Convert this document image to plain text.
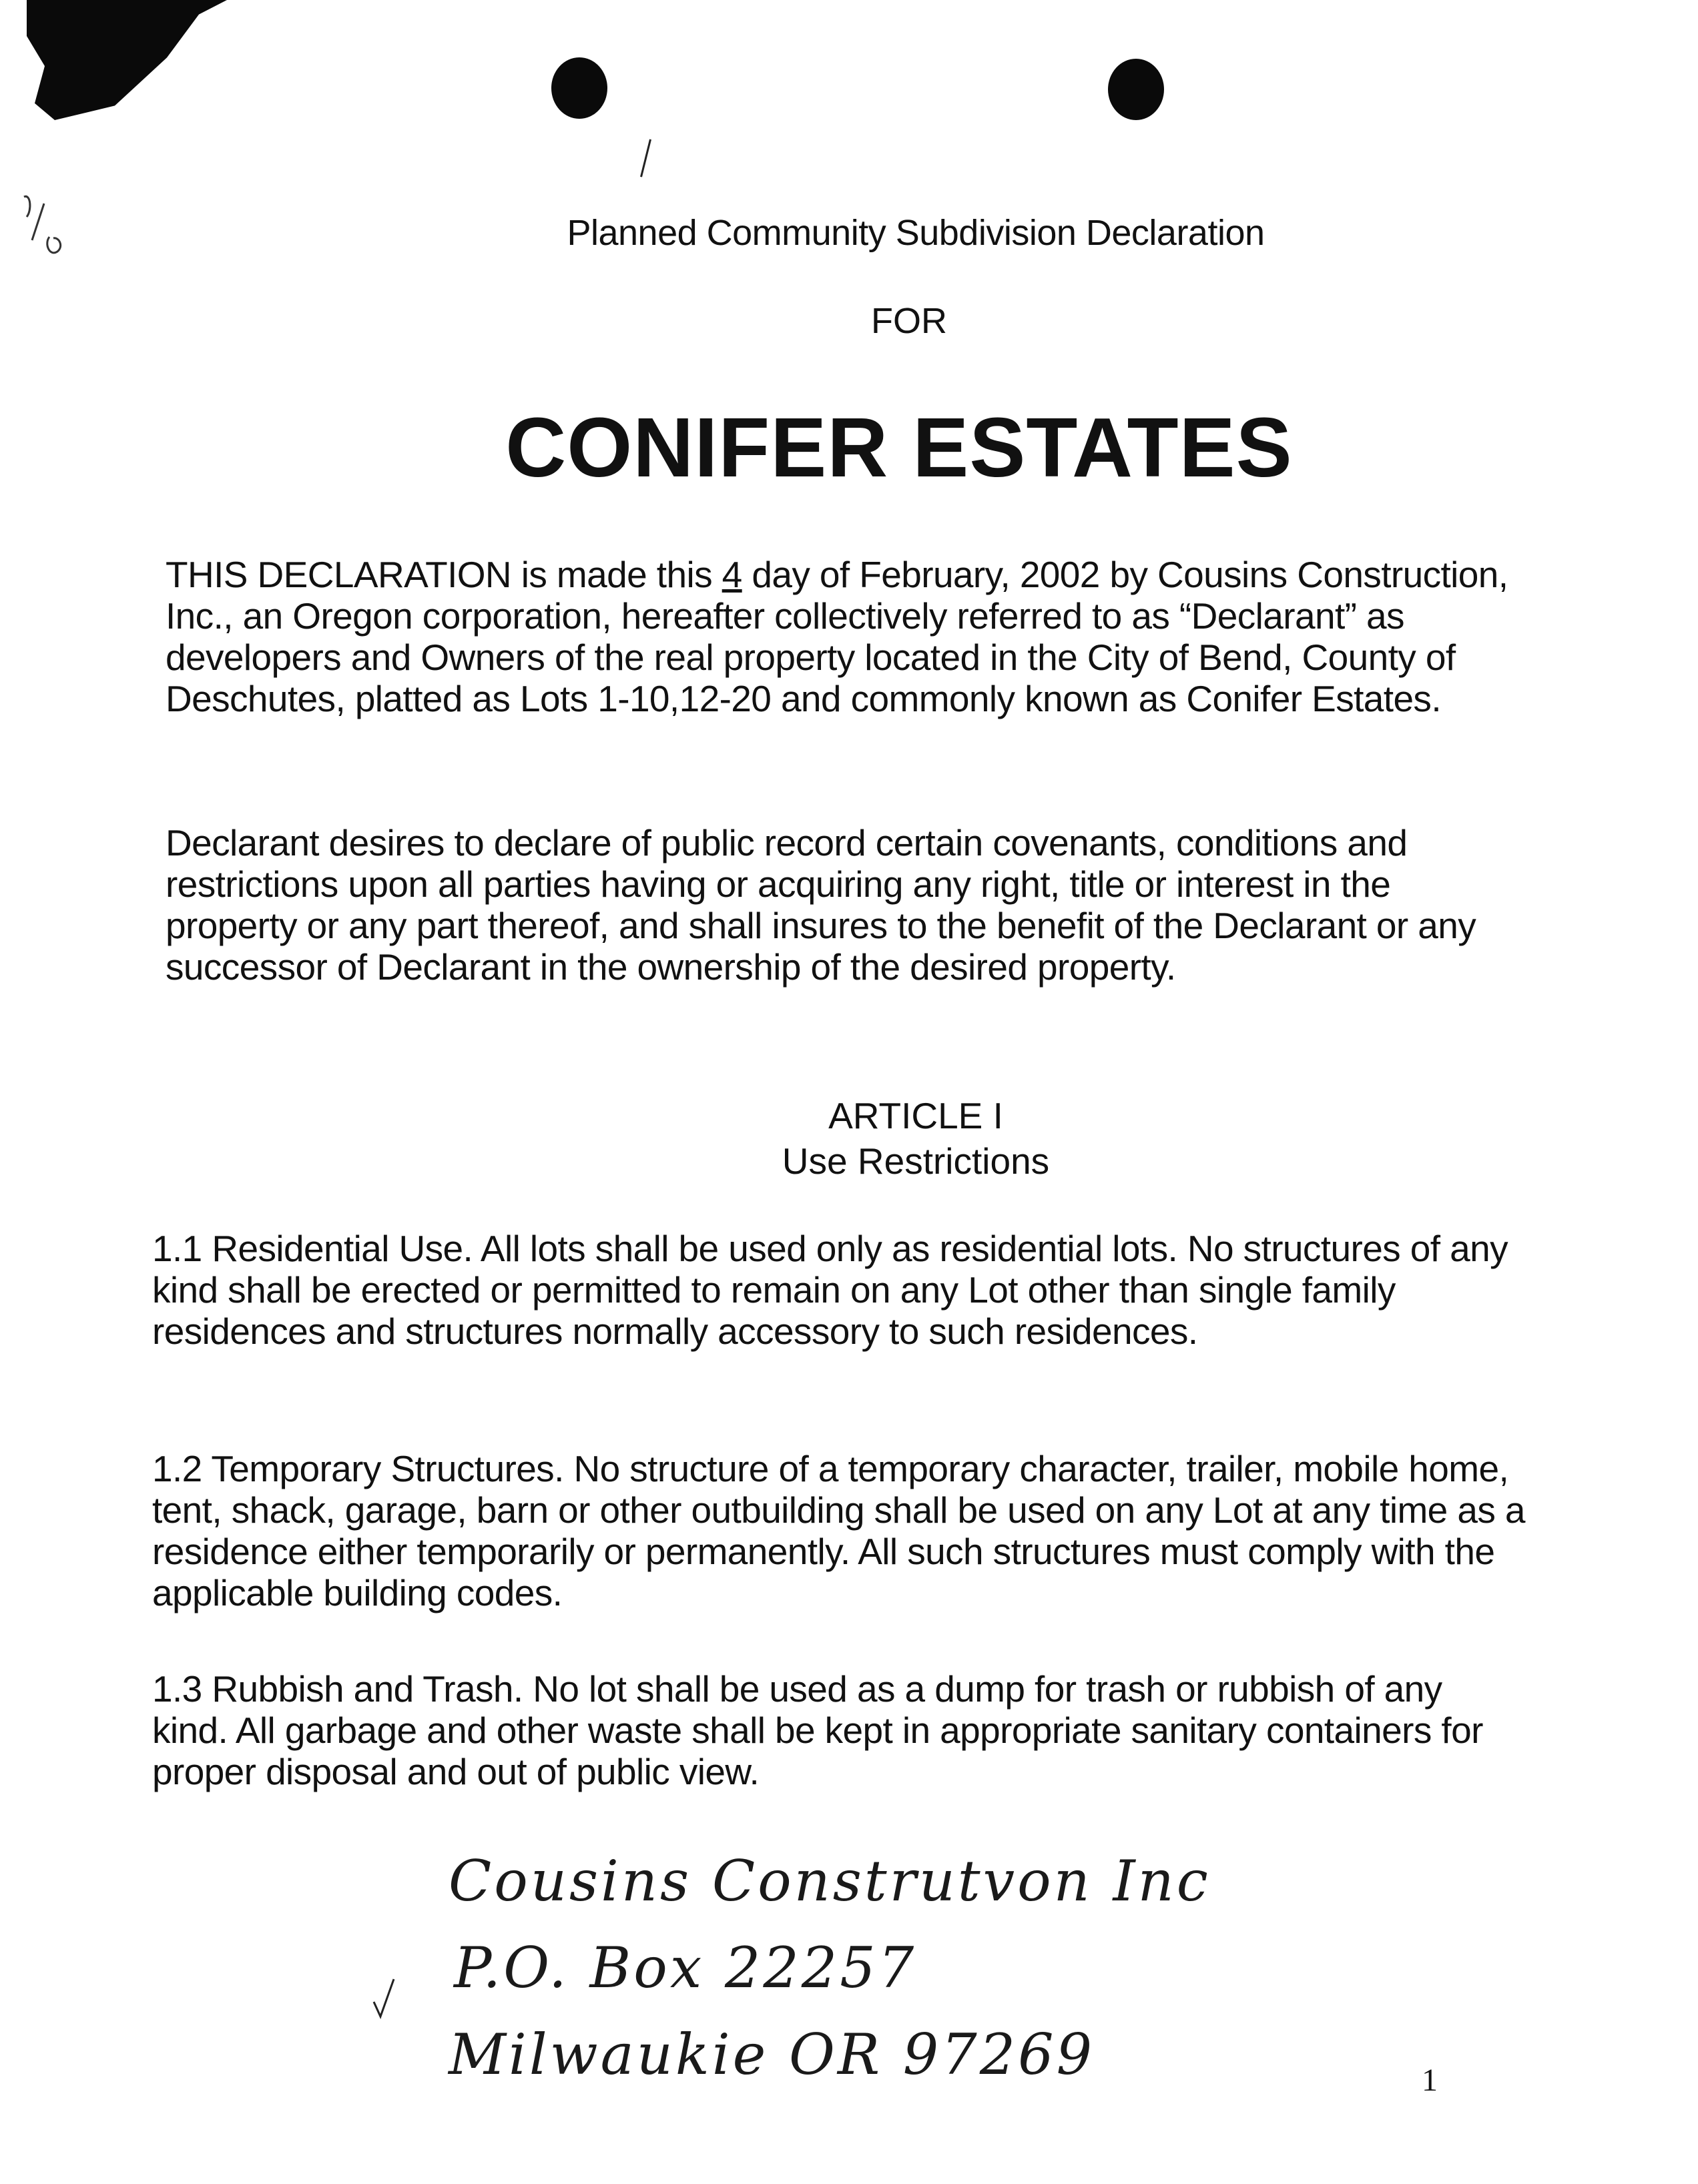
Planned Community Subdivision Declaration
FOR
CONIFER ESTATES

THIS DECLARATION is made this 4 day of February, 2002 by Cousins Construction, Inc., an Oregon corporation, hereafter collectively referred to as “Declarant” as developers and Owners of the real property located in the City of Bend, County of Deschutes, platted as Lots 1-10,12-20 and commonly known as Conifer Estates.

Declarant desires to declare of public record certain covenants, conditions and restrictions upon all parties having or acquiring any right, title or interest in the property or any part thereof, and shall insures to the benefit of the Declarant or any successor of Declarant in the ownership of the desired property.

ARTICLE I
Use Restrictions

1.1 Residential Use. All lots shall be used only as residential lots. No structures of any kind shall be erected or permitted to remain on any Lot other than single family residences and structures normally accessory to such residences.

1.2 Temporary Structures. No structure of a temporary character, trailer, mobile home, tent, shack, garage, barn or other outbuilding shall be used on any Lot at any time as a residence either temporarily or permanently. All such structures must comply with the applicable building codes.

1.3 Rubbish and Trash. No lot shall be used as a dump for trash or rubbish of any kind. All garbage and other waste shall be kept in appropriate sanitary containers for proper disposal and out of public view.

Cousins Construtvon Inc
P.O. Box 22257
Milwaukie OR 97269	1
